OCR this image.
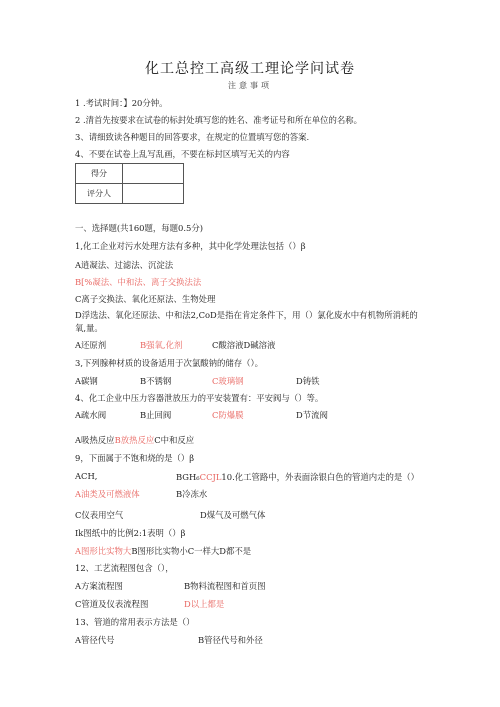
化工总控工高级工理论学问试卷
注意事项
1 .考试时间：】20分钟。
2 .清首先按要求在试卷的标封处填写您的姓名、准考证号和所在单位的名称。
3、请细致读各种题目的回答要求，在规定的位置填写您的答案.
4、不要在试卷上乱写乱画，不要在标封区填写无关的内容
得分	
评分人	
一、选择题(共160题，每题0.5分)
1,化工企业对污水处理方法有多种，其中化学处理法包括（）β
A逍凝法、过滤法、沉淀法
B[%凝法、中和法、离子交换法法
C离子交换法、氧化还原法、生物处理
D浮选法、氧化还原法、中和法2,CoD是指在肯定条件下，用（）氯化废水中有机物所消耗的氧,量。
A还原剂	B强氧,化剂	C酸溶液D碱溶液
3,下列腺种材质的设备适用于次氯酸钠的储存（）。
A碳钢	B不锈钢	C玻璃钢	D铸铁
4、化工企业中压力容器泄放压力的平安装置有：平安阀与（）等。
A疏水阀	B止回阀	C防爆膜	D节流阀
A吸热反应B放热反应C中和反应
9，下面属于不饱和烧的是（）β
ACH,	BGH₆CCJL10.化工管路中，外表面涂银白色的管道内走的是（）
A油类及可燃液体	B冷冻水
C仪表用空气	D煤气及可燃气体
Ik图纸中的比例2:1表明（）β
A图形比实物大B图形比实物小C一样大D都不是
12、工艺流程图包含（），
A方案流程图	B物料流程图和首页图
C管道及仪表流程图	D以上都是
13、管道的常用表示方法是（）
A管径代号	B管径代号和外径
